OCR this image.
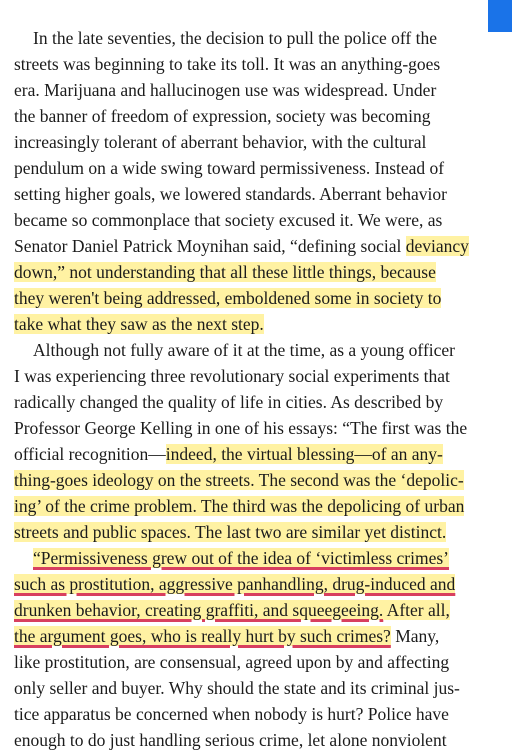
In the late seventies, the decision to pull the police off the
streets was beginning to take its toll. It was an anything-goes
era. Marijuana and hallucinogen use was widespread. Under
the banner of freedom of expression, society was becoming
increasingly tolerant of aberrant behavior, with the cultural
pendulum on a wide swing toward permissiveness. Instead of
setting higher goals, we lowered standards. Aberrant behavior
became so commonplace that society excused it. We were, as
Senator Daniel Patrick Moynihan said, “defining social deviancy
down,” not understanding that all these little things, because
they weren't being addressed, emboldened some in society to
take what they saw as the next step.
Although not fully aware of it at the time, as a young officer
I was experiencing three revolutionary social experiments that
radically changed the quality of life in cities. As described by
Professor George Kelling in one of his essays: “The first was the
official recognition—indeed, the virtual blessing—of an any-
thing-goes ideology on the streets. The second was the ‘depolic-
ing’ of the crime problem. The third was the depolicing of urban
streets and public spaces. The last two are similar yet distinct.
“Permissiveness grew out of the idea of ‘victimless crimes’
such as prostitution, aggressive panhandling, drug-induced and
drunken behavior, creating graffiti, and squeegeeing. After all,
the argument goes, who is really hurt by such crimes? Many,
like prostitution, are consensual, agreed upon by and affecting
only seller and buyer. Why should the state and its criminal jus-
tice apparatus be concerned when nobody is hurt? Police have
enough to do just handling serious crime, let alone nonviolent
